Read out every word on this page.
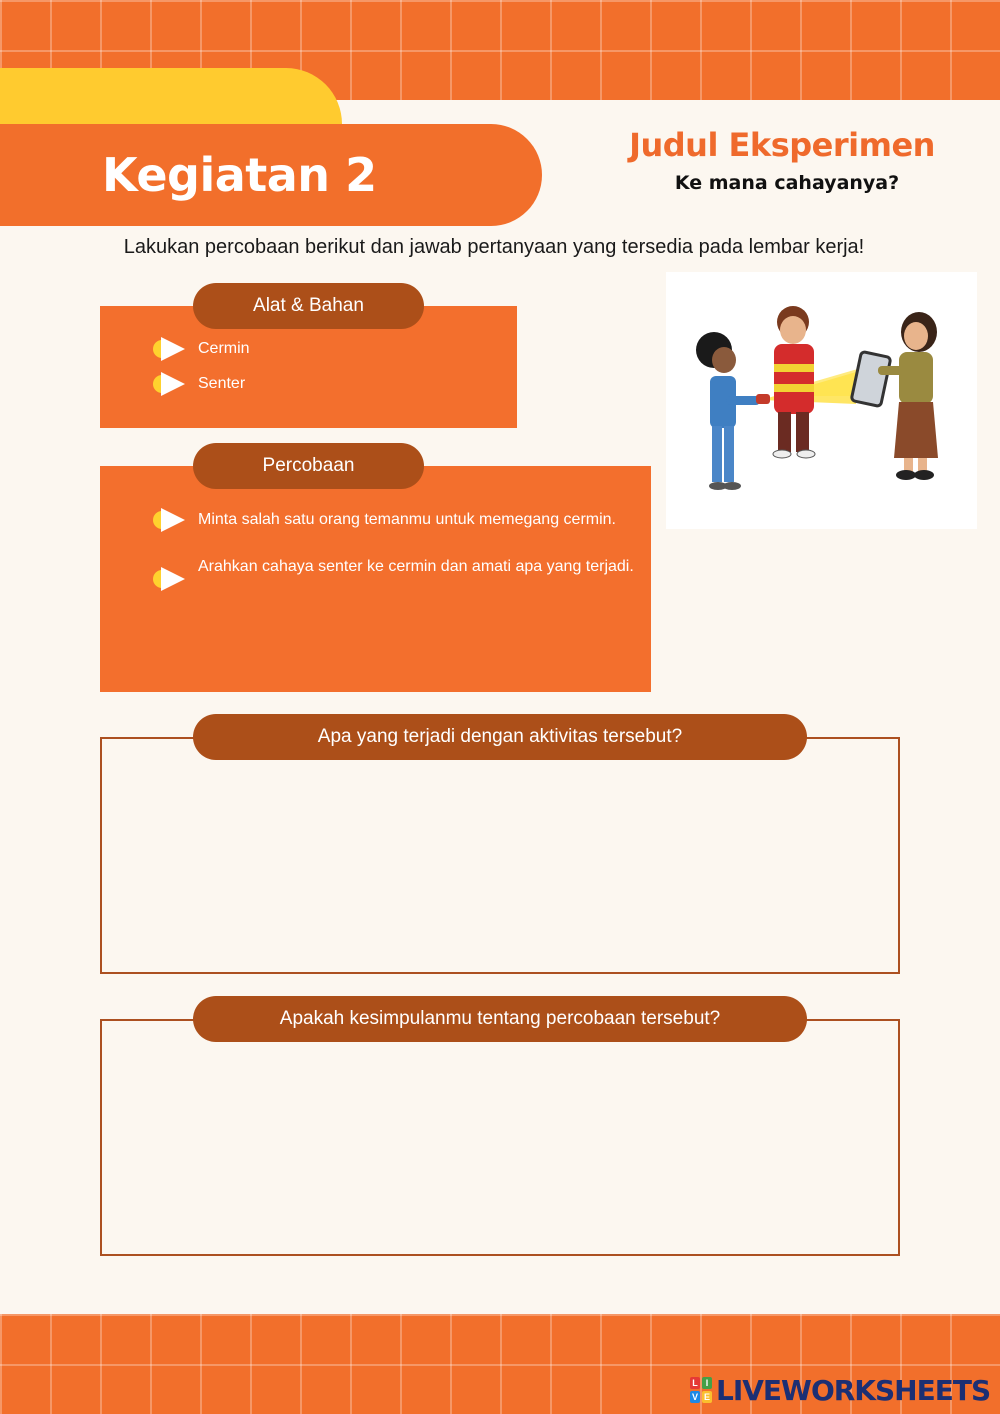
Kegiatan 2
Judul Eksperimen
Ke mana cahayanya?
Lakukan percobaan berikut dan jawab pertanyaan yang tersedia pada lembar kerja!
Alat & Bahan
Cermin
Senter
Percobaan
Minta salah satu orang temanmu untuk memegang cermin.
Arahkan cahaya senter ke cermin dan amati apa yang terjadi.
Apa yang terjadi dengan aktivitas tersebut?
Apakah kesimpulanmu tentang percobaan tersebut?
L I
V E LIVEWORKSHEETS
